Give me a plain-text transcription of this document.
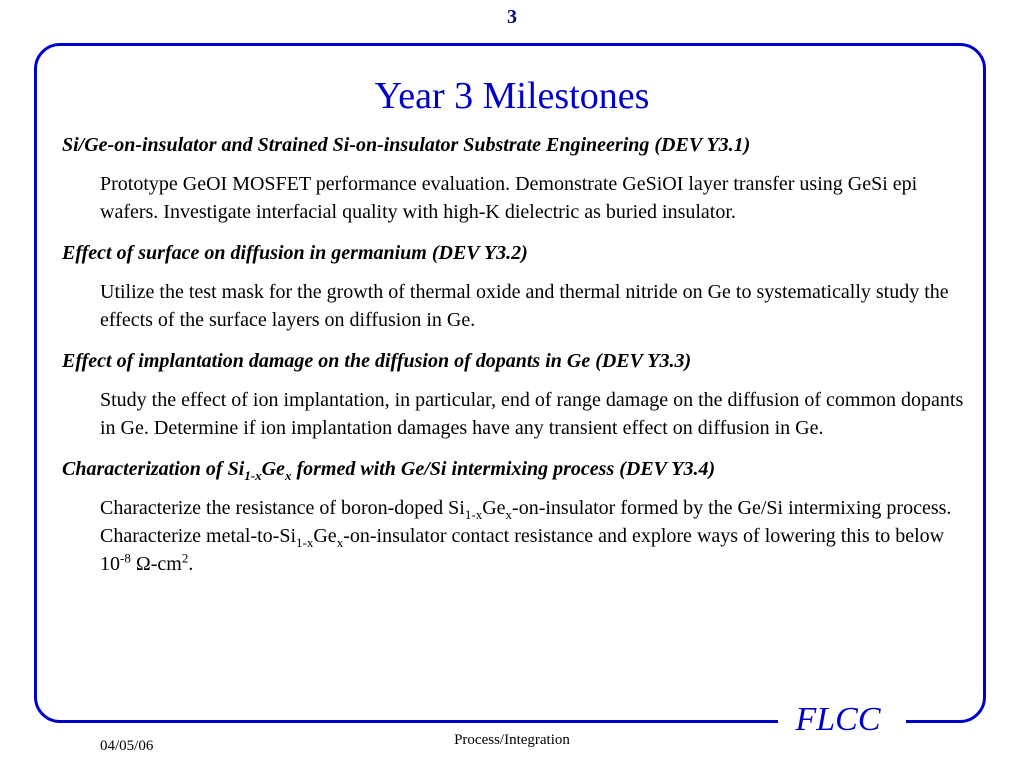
3
FLCC
Year 3 Milestones

Si/Ge-on-insulator and Strained Si-on-insulator Substrate Engineering (DEV Y3.1)

Prototype GeOI MOSFET performance evaluation. Demonstrate GeSiOI layer transfer using GeSi epi wafers. Investigate interfacial quality with high-K dielectric as buried insulator.

Effect of surface on diffusion in germanium (DEV Y3.2)

Utilize the test mask for the growth of thermal oxide and thermal nitride on Ge to systematically study the effects of the surface layers on diffusion in Ge.

Effect of implantation damage on the diffusion of dopants in Ge (DEV Y3.3)

Study the effect of ion implantation, in particular, end of range damage on the diffusion of common dopants in Ge. Determine if ion implantation damages have any transient effect on diffusion in Ge.

Characterization of $Si_{1-x}Ge_x$ formed with Ge/Si intermixing process (DEV Y3.4)

Characterize the resistance of boron-doped $Si_{1-x}Ge_x-on$-insulator formed by the Ge/Si intermixing process. Characterize metal-$to-Si_{1-x}Ge_x-on$-insulator contact resistance and explore ways of lowering this to below $10^{-8}$ $\Omega-cm^2$.

04/05/06	Process/Integration
